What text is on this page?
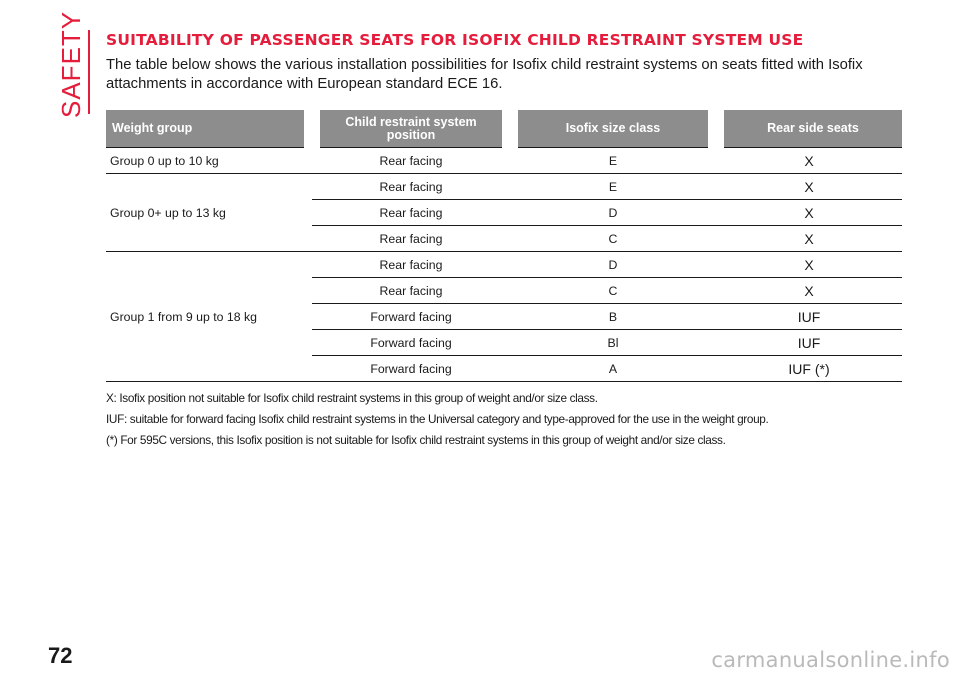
SAFETY SUITABILITY OF PASSENGER SEATS FOR ISOFIX CHILD RESTRAINT SYSTEM USE

The table below shows the various installation possibilities for Isofix child restraint systems on seats fitted with Isofix attachments in accordance with European standard ECE 16.

Weight group	Child restraint system position	Isofix size class	Rear side seats
Group 0 up to 10 kg	Rear facing	E	X
Group 0+ up to 13 kg	Rear facing	E	X
	Rear facing	D	X
	Rear facing	C	X
Group 1 from 9 up to 18 kg	Rear facing	D	X
	Rear facing	C	X
	Forward facing	B	IUF
	Forward facing	Bl	IUF
	Forward facing	A	IUF (*)
X: Isofix position not suitable for Isofix child restraint systems in this group of weight and/or size class.
IUF: suitable for forward facing Isofix child restraint systems in the Universal category and type-approved for the use in the weight group.
(*) For 595C versions, this Isofix position is not suitable for Isofix child restraint systems in this group of weight and/or size class.
72	carmanualsonline.info
